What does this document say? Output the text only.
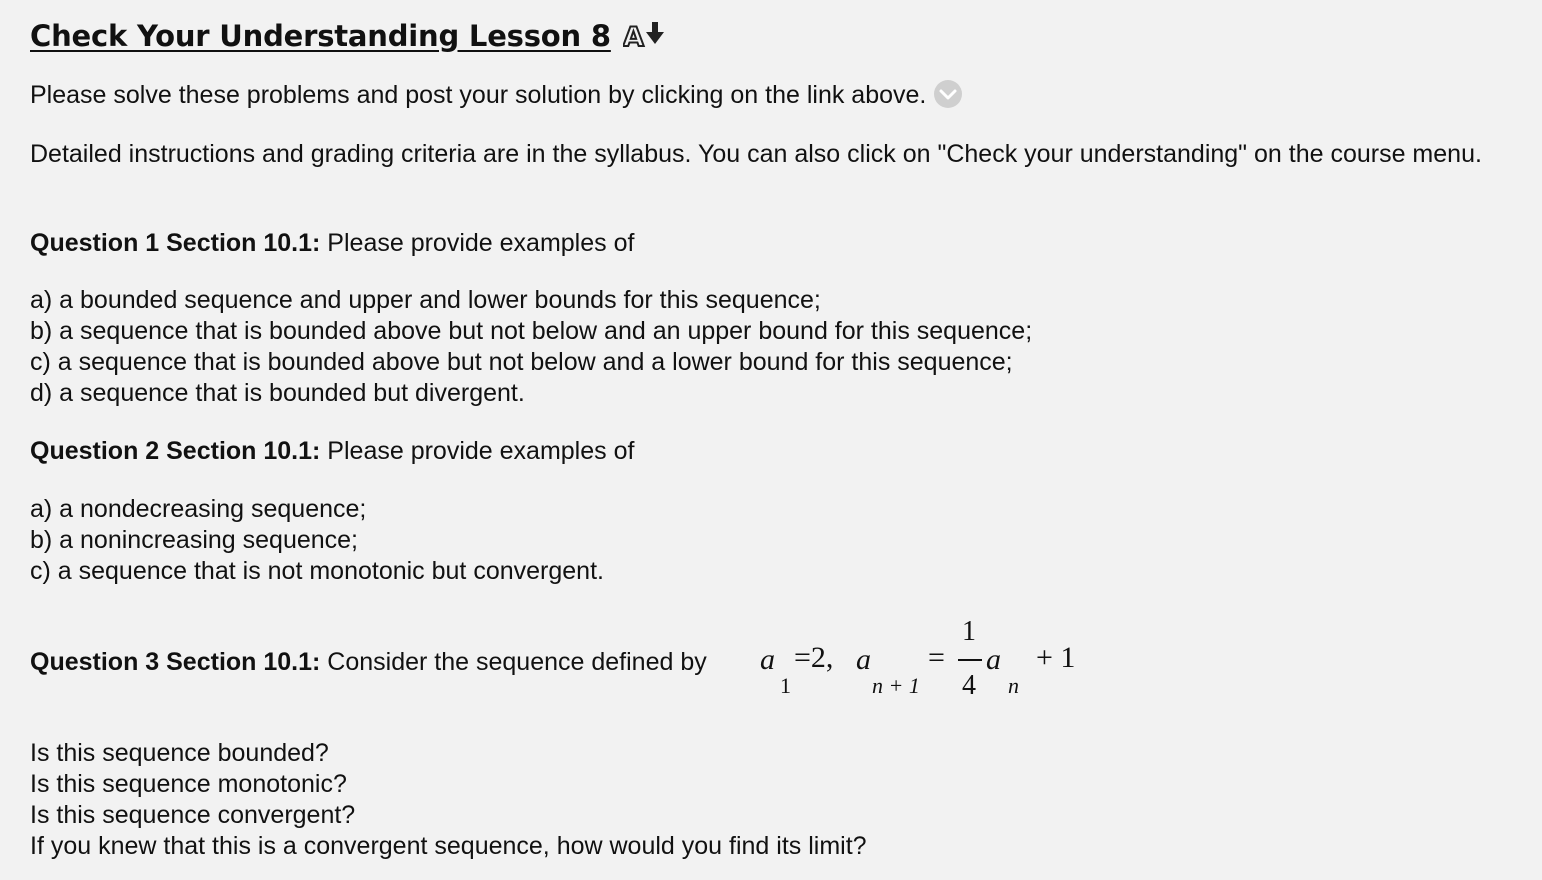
Check Your Understanding Lesson 8 A

Please solve these problems and post your solution by clicking on the link above.

Detailed instructions and grading criteria are in the syllabus. You can also click on "Check your understanding" on the course menu.

Question 1 Section 10.1: Please provide examples of

a) a bounded sequence and upper and lower bounds for this sequence;
b) a sequence that is bounded above but not below and an upper bound for this sequence;
c) a sequence that is bounded above but not below and a lower bound for this sequence;
d) a sequence that is bounded but divergent.

Question 2 Section 10.1: Please provide examples of

a) a nondecreasing sequence;
b) a nonincreasing sequence;
c) a sequence that is not monotonic but convergent.

Question 3 Section 10.1: Consider the sequence defined by

Is this sequence bounded?
Is this sequence monotonic?
Is this sequence convergent?
If you knew that this is a convergent sequence, how would you find its limit?
a
1
=2, a
n + 1
=
1
4
a
n
+ 1
